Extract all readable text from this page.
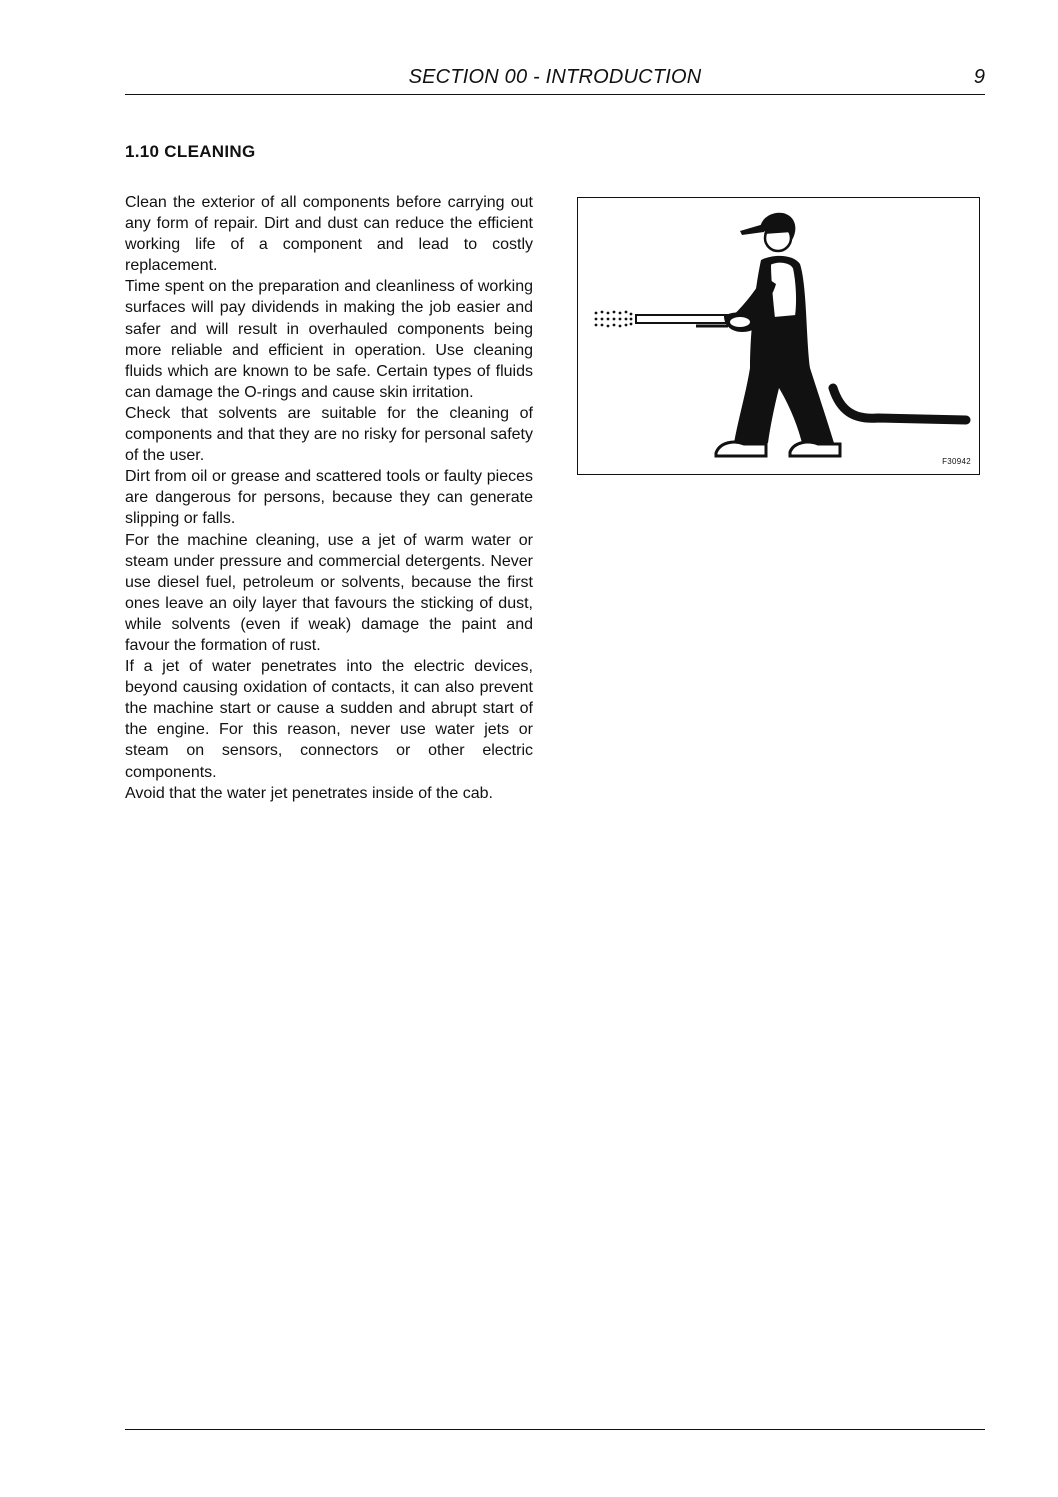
SECTION 00 - INTRODUCTION	9
1.10 CLEANING

Clean the exterior of all components before carrying out any form of repair. Dirt and dust can reduce the efficient working life of a component and lead to costly replacement.

Time spent on the preparation and cleanliness of working surfaces will pay dividends in making the job easier and safer and will result in overhauled components being more reliable and efficient in operation. Use cleaning fluids which are known to be safe. Certain types of fluids can damage the O-rings and cause skin irritation.

Check that solvents are suitable for the cleaning of components and that they are no risky for personal safety of the user.

Dirt from oil or grease and scattered tools or faulty pieces are dangerous for persons, because they can generate slipping or falls.

For the machine cleaning, use a jet of warm water or steam under pressure and commercial detergents. Never use diesel fuel, petroleum or solvents, because the first ones leave an oily layer that favours the sticking of dust, while solvents (even if weak) damage the paint and favour the formation of rust.

If a jet of water penetrates into the electric devices, beyond causing oxidation of contacts, it can also prevent the machine start or cause a sudden and abrupt start of the engine. For this reason, never use water jets or steam on sensors, connectors or other electric components.

Avoid that the water jet penetrates inside of the cab.

F30942
